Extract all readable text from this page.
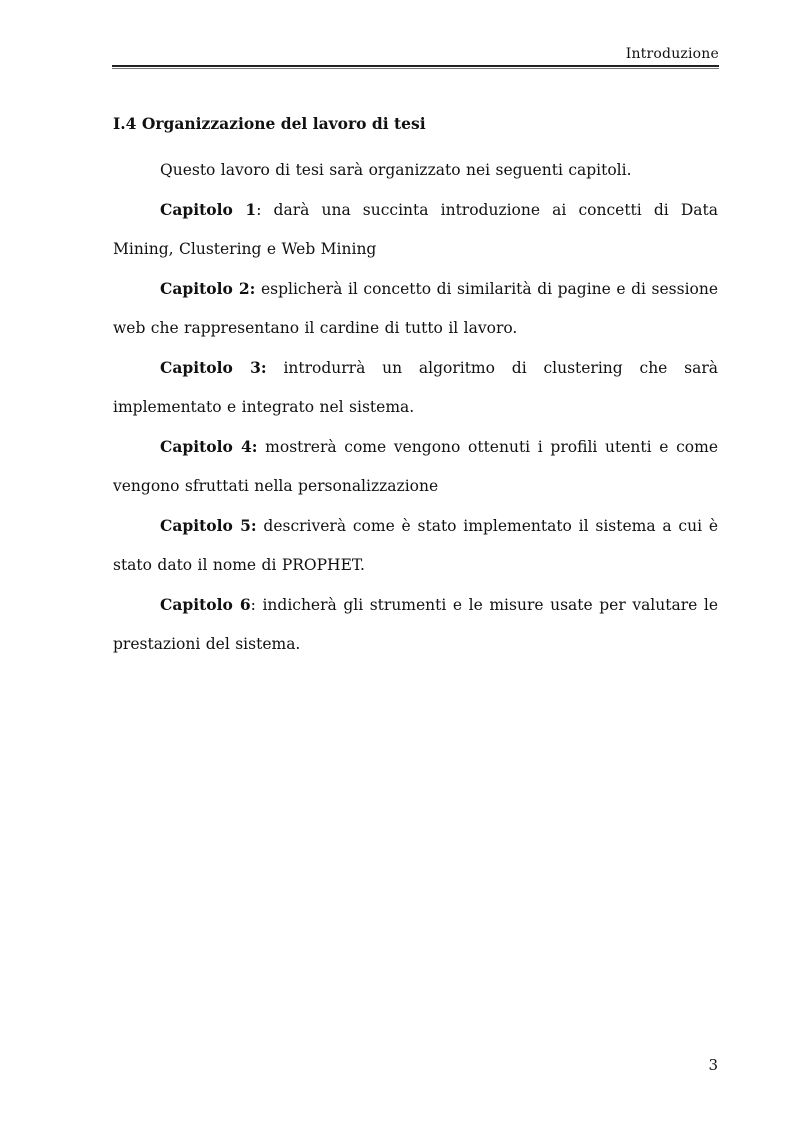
Introduzione
I.4 Organizzazione del lavoro di tesi

Questo lavoro di tesi sarà organizzato nei seguenti capitoli.

Capitolo 1: darà una succinta introduzione ai concetti di Data Mining, Clustering e Web Mining

Capitolo 2: esplicherà il concetto di similarità di pagine e di sessione web che rappresentano il cardine di tutto il lavoro.

Capitolo 3: introdurrà un algoritmo di clustering che sarà implementato e integrato nel sistema.

Capitolo 4: mostrerà come vengono ottenuti i profili utenti e come vengono sfruttati nella personalizzazione

Capitolo 5: descriverà come è stato implementato il sistema a cui è stato dato il nome di PROPHET.

Capitolo 6: indicherà gli strumenti e le misure usate per valutare le prestazioni del sistema.

3
